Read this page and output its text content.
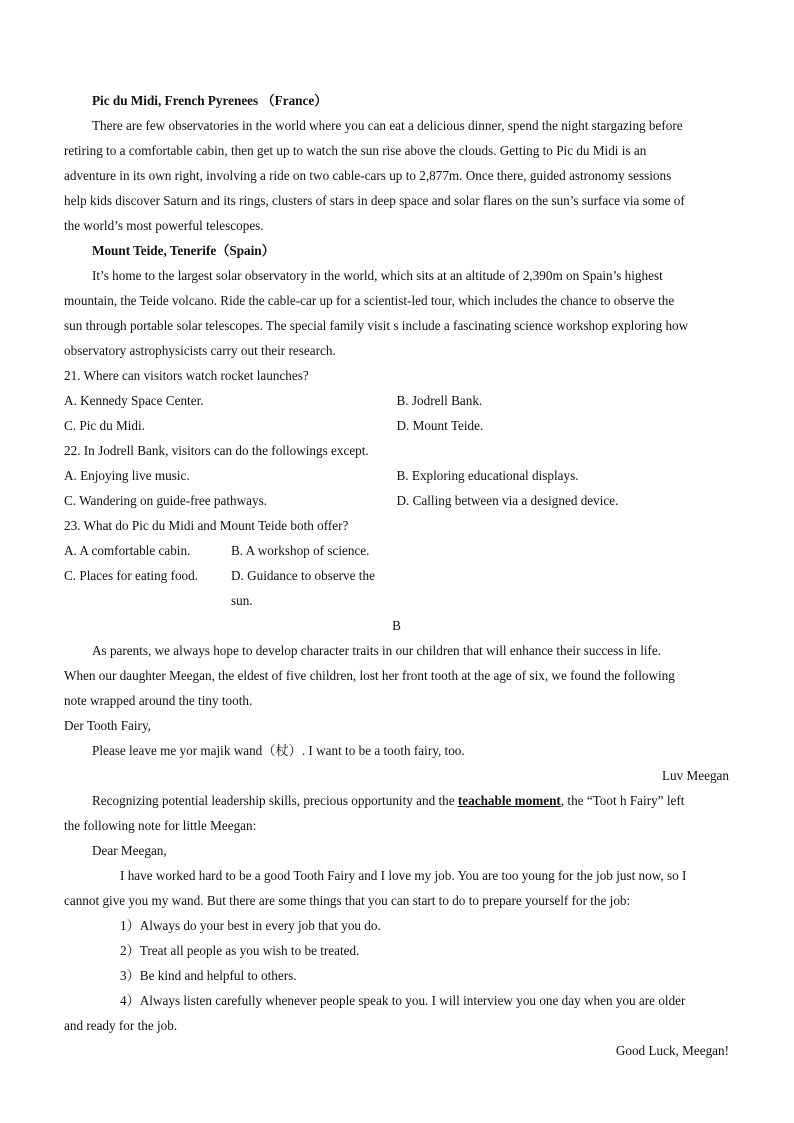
Pic du Midi, French Pyrenees （France）
There are few observatories in the world where you can eat a delicious dinner, spend the night stargazing before
retiring to a comfortable cabin, then get up to watch the sun rise above the clouds. Getting to Pic du Midi is an
adventure in its own right, involving a ride on two cable-cars up to 2,877m. Once there, guided astronomy sessions
help kids discover Saturn and its rings, clusters of stars in deep space and solar flares on the sun’s surface via some of
the world’s most powerful telescopes.
Mount Teide, Tenerife（Spain）
It’s home to the largest solar observatory in the world, which sits at an altitude of 2,390m on Spain’s highest
mountain, the Teide volcano. Ride the cable-car up for a scientist-led tour, which includes the chance to observe the
sun through portable solar telescopes. The special family visit s include a fascinating science workshop exploring how
observatory astrophysicists carry out their research.
21. Where can visitors watch rocket launches?
A. Kennedy Space Center.	B. Jodrell Bank.
C. Pic du Midi.	D. Mount Teide.
22. In Jodrell Bank, visitors can do the followings except.
A. Enjoying live music.	B. Exploring educational displays.
C. Wandering on guide-free pathways.	D. Calling between via a designed device.
23. What do Pic du Midi and Mount Teide both offer?
A. A comfortable cabin.	B. A workshop of science.
C. Places for eating food.	D. Guidance to observe the sun.
B
As parents, we always hope to develop character traits in our children that will enhance their success in life.
When our daughter Meegan, the eldest of five children, lost her front tooth at the age of six, we found the following
note wrapped around the tiny tooth.
Der Tooth Fairy,
Please leave me yor majik wand（杖）. I want to be a tooth fairy, too.
Luv Meegan
Recognizing potential leadership skills, precious opportunity and the teachable moment, the “Toot h Fairy” left
the following note for little Meegan:
Dear Meegan,
I have worked hard to be a good Tooth Fairy and I love my job. You are too young for the job just now, so I
cannot give you my wand. But there are some things that you can start to do to prepare yourself for the job:
1）Always do your best in every job that you do.
2）Treat all people as you wish to be treated.
3）Be kind and helpful to others.
4）Always listen carefully whenever people speak to you. I will interview you one day when you are older
and ready for the job.
Good Luck, Meegan!
